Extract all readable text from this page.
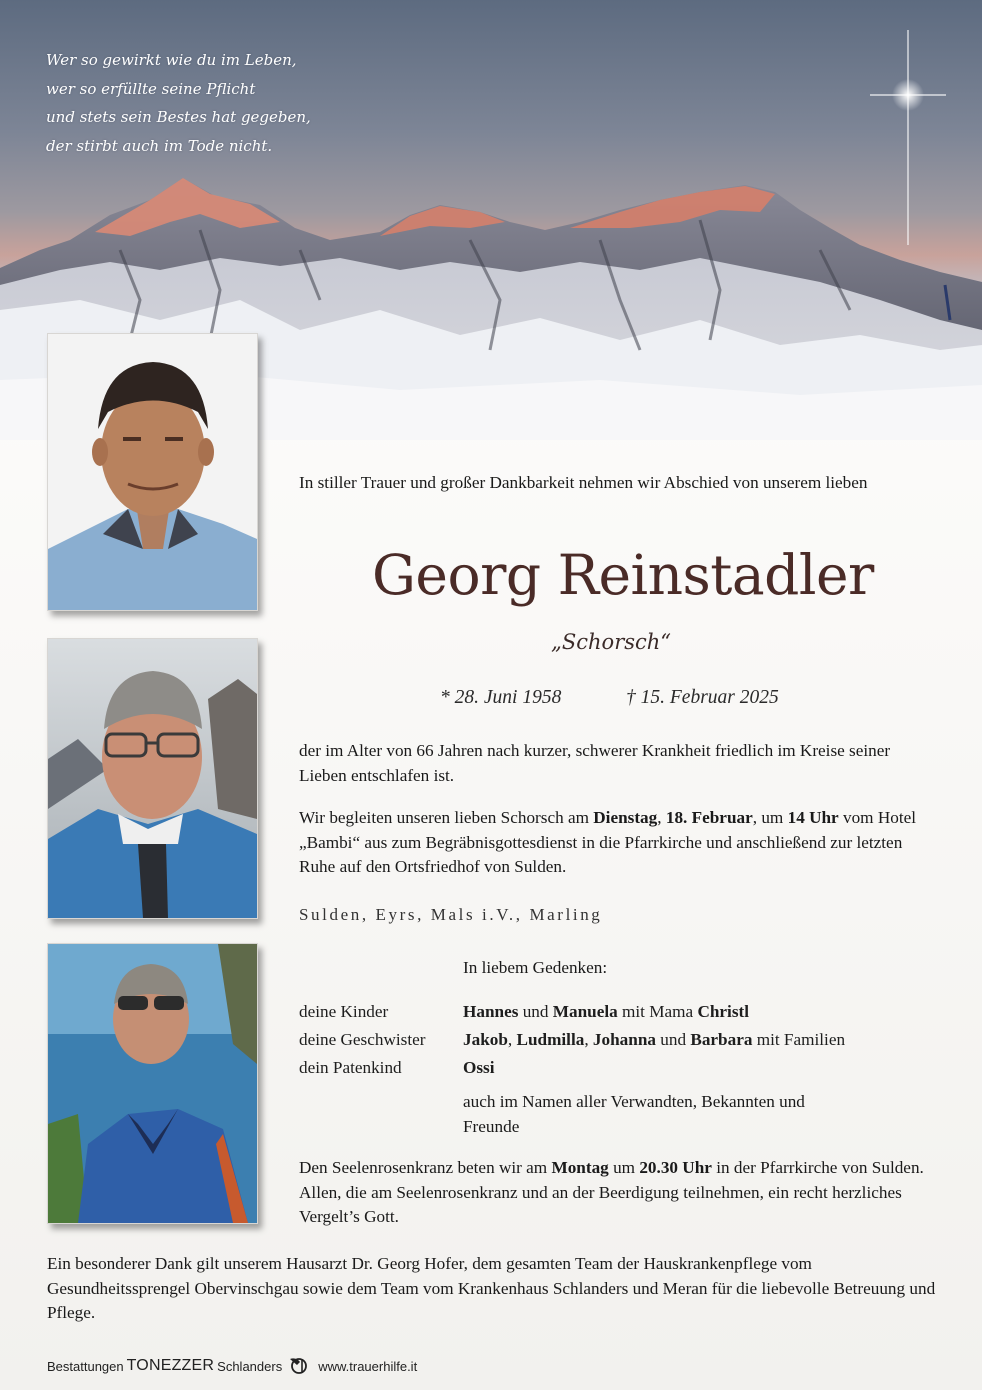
Wer so gewirkt wie du im Leben,
wer so erfüllte seine Pflicht
und stets sein Bestes hat gegeben,
der stirbt auch im Tode nicht.
In stiller Trauer und großer Dankbarkeit nehmen wir Abschied von unserem lieben
Georg Reinstadler
„Schorsch“
* 28. Juni 1958	† 15. Februar 2025
der im Alter von 66 Jahren nach kurzer, schwerer Krankheit friedlich im Kreise seiner Lieben entschlafen ist.
Wir begleiten unseren lieben Schorsch am Dienstag, 18. Februar, um 14 Uhr vom Hotel „Bambi“ aus zum Begräbnisgottesdienst in die Pfarrkirche und anschließend zur letzten Ruhe auf den Ortsfriedhof von Sulden.
Sulden, Eyrs, Mals i.V., Marling
In liebem Gedenken:
deine Kinder
deine Geschwister
dein Patenkind
Hannes und Manuela mit Mama Christl
Jakob, Ludmilla, Johanna und Barbara mit Familien
Ossi
auch im Namen aller Verwandten, Bekannten und Freunde
Den Seelenrosenkranz beten wir am Montag um 20.30 Uhr in der Pfarrkirche von Sulden. Allen, die am Seelenrosenkranz und an der Beerdigung teilnehmen, ein recht herzliches Vergelt’s Gott.
Ein besonderer Dank gilt unserem Hausarzt Dr. Georg Hofer, dem gesamten Team der Hauskrankenpflege vom Gesundheitssprengel Obervinschgau sowie dem Team vom Krankenhaus Schlanders und Meran für die liebevolle Betreuung und Pflege.
Bestattungen TONEZZER Schlanders	www.trauerhilfe.it
